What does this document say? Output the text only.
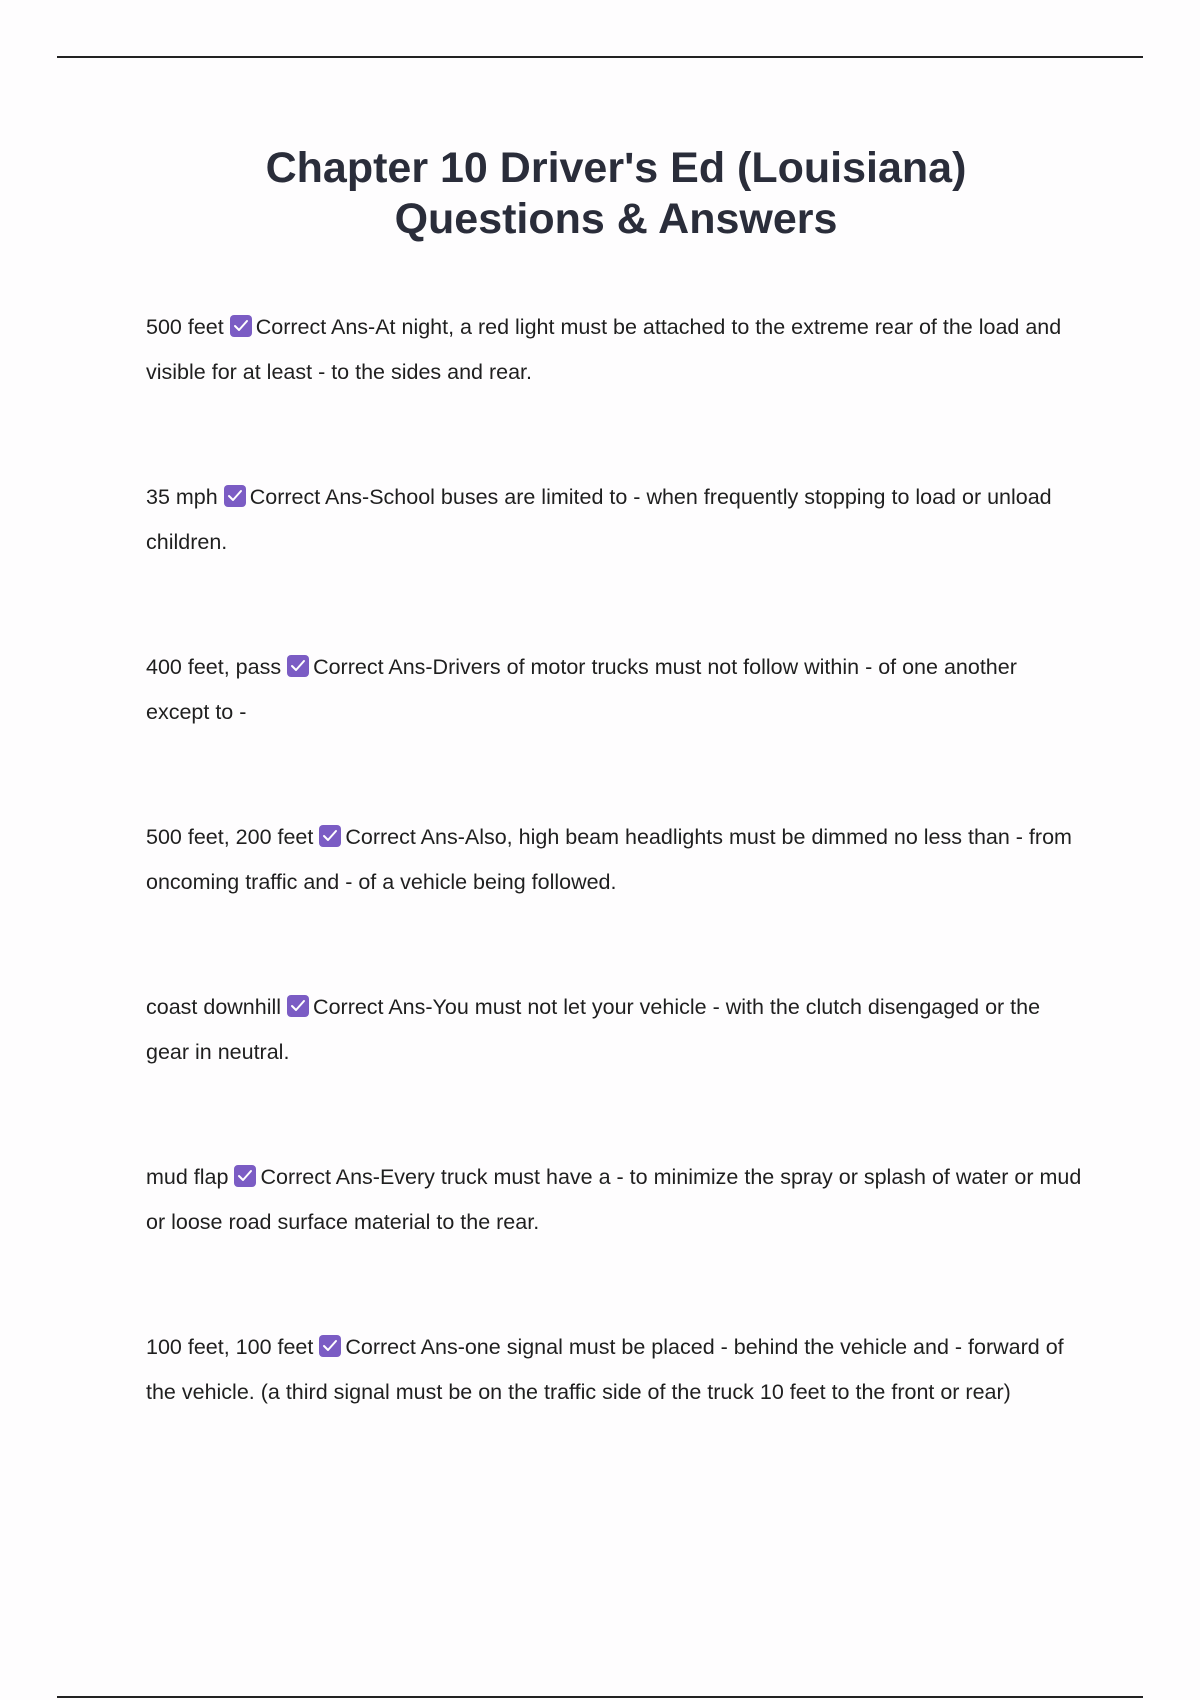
Chapter 10 Driver's Ed (Louisiana)
Questions & Answers
500 feet Correct Ans-At night, a red light must be attached to the extreme rear of the load and visible for at least - to the sides and rear.
35 mph Correct Ans-School buses are limited to - when frequently stopping to load or unload children.
400 feet, pass Correct Ans-Drivers of motor trucks must not follow within - of one another except to -
500 feet, 200 feet Correct Ans-Also, high beam headlights must be dimmed no less than - from oncoming traffic and - of a vehicle being followed.
coast downhill Correct Ans-You must not let your vehicle - with the clutch disengaged or the gear in neutral.
mud flap Correct Ans-Every truck must have a - to minimize the spray or splash of water or mud or loose road surface material to the rear.
100 feet, 100 feet Correct Ans-one signal must be placed - behind the vehicle and - forward of the vehicle. (a third signal must be on the traffic side of the truck 10 feet to the front or rear)
